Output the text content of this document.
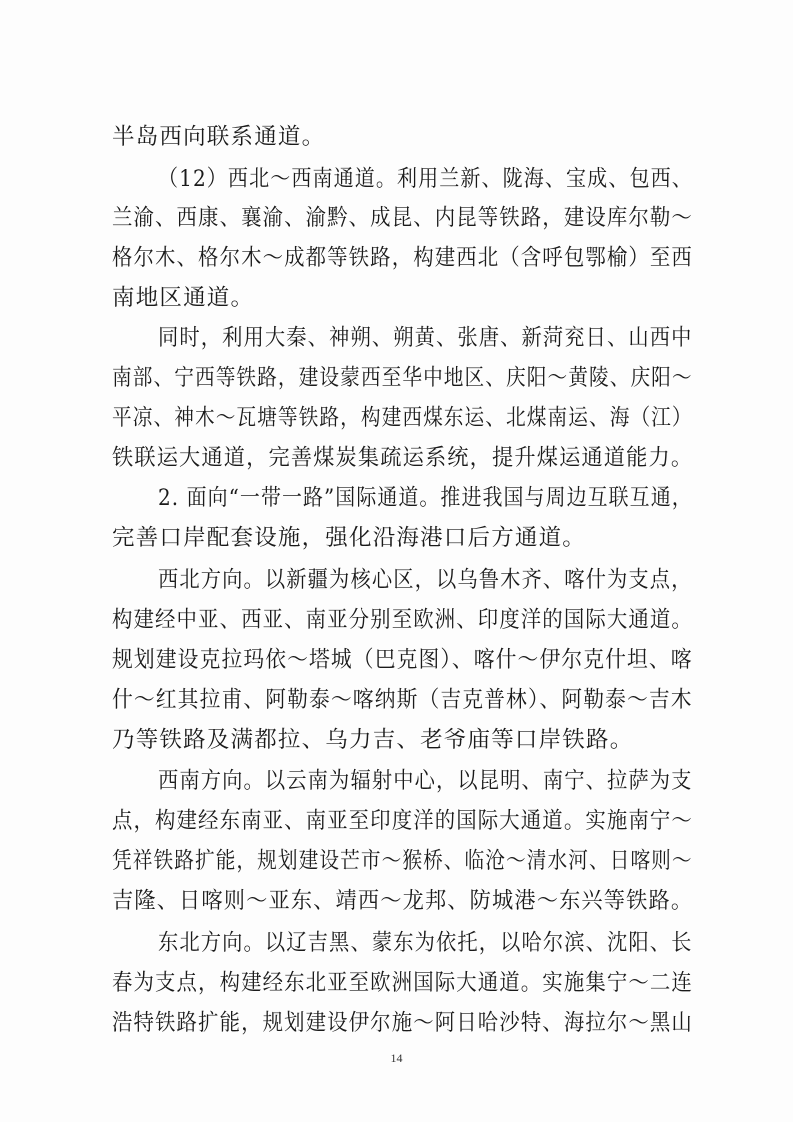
半岛西向联系通道。
（12）西北～西南通道。利用兰新、陇海、宝成、包西、
兰渝、西康、襄渝、渝黔、成昆、内昆等铁路，建设库尔勒～
格尔木、格尔木～成都等铁路，构建西北（含呼包鄂榆）至西
南地区通道。
同时，利用大秦、神朔、朔黄、张唐、新菏兖日、山西中
南部、宁西等铁路，建设蒙西至华中地区、庆阳～黄陵、庆阳～
平凉、神木～瓦塘等铁路，构建西煤东运、北煤南运、海（江）
铁联运大通道，完善煤炭集疏运系统，提升煤运通道能力。
2. 面向“一带一路”国际通道。推进我国与周边互联互通，
完善口岸配套设施，强化沿海港口后方通道。
西北方向。以新疆为核心区，以乌鲁木齐、喀什为支点，
构建经中亚、西亚、南亚分别至欧洲、印度洋的国际大通道。
规划建设克拉玛依～塔城（巴克图）、喀什～伊尔克什坦、喀
什～红其拉甫、阿勒泰～喀纳斯（吉克普林）、阿勒泰～吉木
乃等铁路及满都拉、乌力吉、老爷庙等口岸铁路。
西南方向。以云南为辐射中心，以昆明、南宁、拉萨为支
点，构建经东南亚、南亚至印度洋的国际大通道。实施南宁～
凭祥铁路扩能，规划建设芒市～猴桥、临沧～清水河、日喀则～
吉隆、日喀则～亚东、靖西～龙邦、防城港～东兴等铁路。
东北方向。以辽吉黑、蒙东为依托，以哈尔滨、沈阳、长
春为支点，构建经东北亚至欧洲国际大通道。实施集宁～二连
浩特铁路扩能，规划建设伊尔施～阿日哈沙特、海拉尔～黑山
14
